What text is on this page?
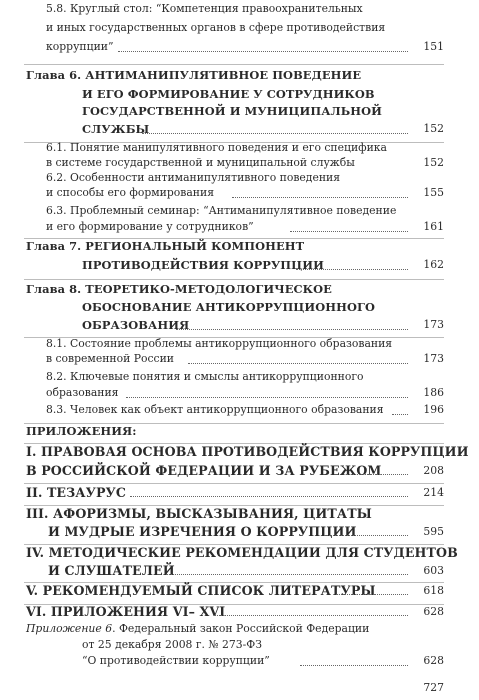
5.8. Круглый стол: “Компетенция правоохранительных
и иных государственных органов в сфере противодействия
коррупции”	151
Глава 6. АНТИМАНИПУЛЯТИВНОЕ ПОВЕДЕНИЕ
И ЕГО ФОРМИРОВАНИЕ У СОТРУДНИКОВ
ГОСУДАРСТВЕННОЙ И МУНИЦИПАЛЬНОЙ
СЛУЖБЫ	152
6.1. Понятие манипулятивного поведения и его специфика
в системе государственной и муниципальной службы	152
6.2. Особенности антиманипулятивного поведения
и способы его формирования	155
6.3. Проблемный семинар: “Антиманипулятивное поведение
и его формирование у сотрудников”	161
Глава 7. РЕГИОНАЛЬНЫЙ КОМПОНЕНТ
ПРОТИВОДЕЙСТВИЯ КОРРУПЦИИ	162
Глава 8. ТЕОРЕТИКО-МЕТОДОЛОГИЧЕСКОЕ
ОБОСНОВАНИЕ АНТИКОРРУПЦИОННОГО
ОБРАЗОВАНИЯ	173
8.1. Состояние проблемы антикоррупционного образования
в современной России	173
8.2. Ключевые понятия и смыслы антикоррупционного
образования	186
8.3. Человек как объект антикоррупционного образования	196
ПРИЛОЖЕНИЯ:
I. ПРАВОВАЯ ОСНОВА ПРОТИВОДЕЙСТВИЯ КОРРУПЦИИ
В РОССИЙСКОЙ ФЕДЕРАЦИИ И ЗА РУБЕЖОМ	208
II. ТЕЗАУРУС	214
III. АФОРИЗМЫ, ВЫСКАЗЫВАНИЯ, ЦИТАТЫ
И МУДРЫЕ ИЗРЕЧЕНИЯ О КОРРУПЦИИ	595
IV. МЕТОДИЧЕСКИЕ РЕКОМЕНДАЦИИ ДЛЯ СТУДЕНТОВ
И СЛУШАТЕЛЕЙ	603
V. РЕКОМЕНДУЕМЫЙ СПИСОК ЛИТЕРАТУРЫ	618
VI. ПРИЛОЖЕНИЯ VI– XVI	628
Приложение 6. Федеральный закон Российской Федерации
от 25 декабря 2008 г. № 273-ФЗ
“О противодействии коррупции”	628
727
